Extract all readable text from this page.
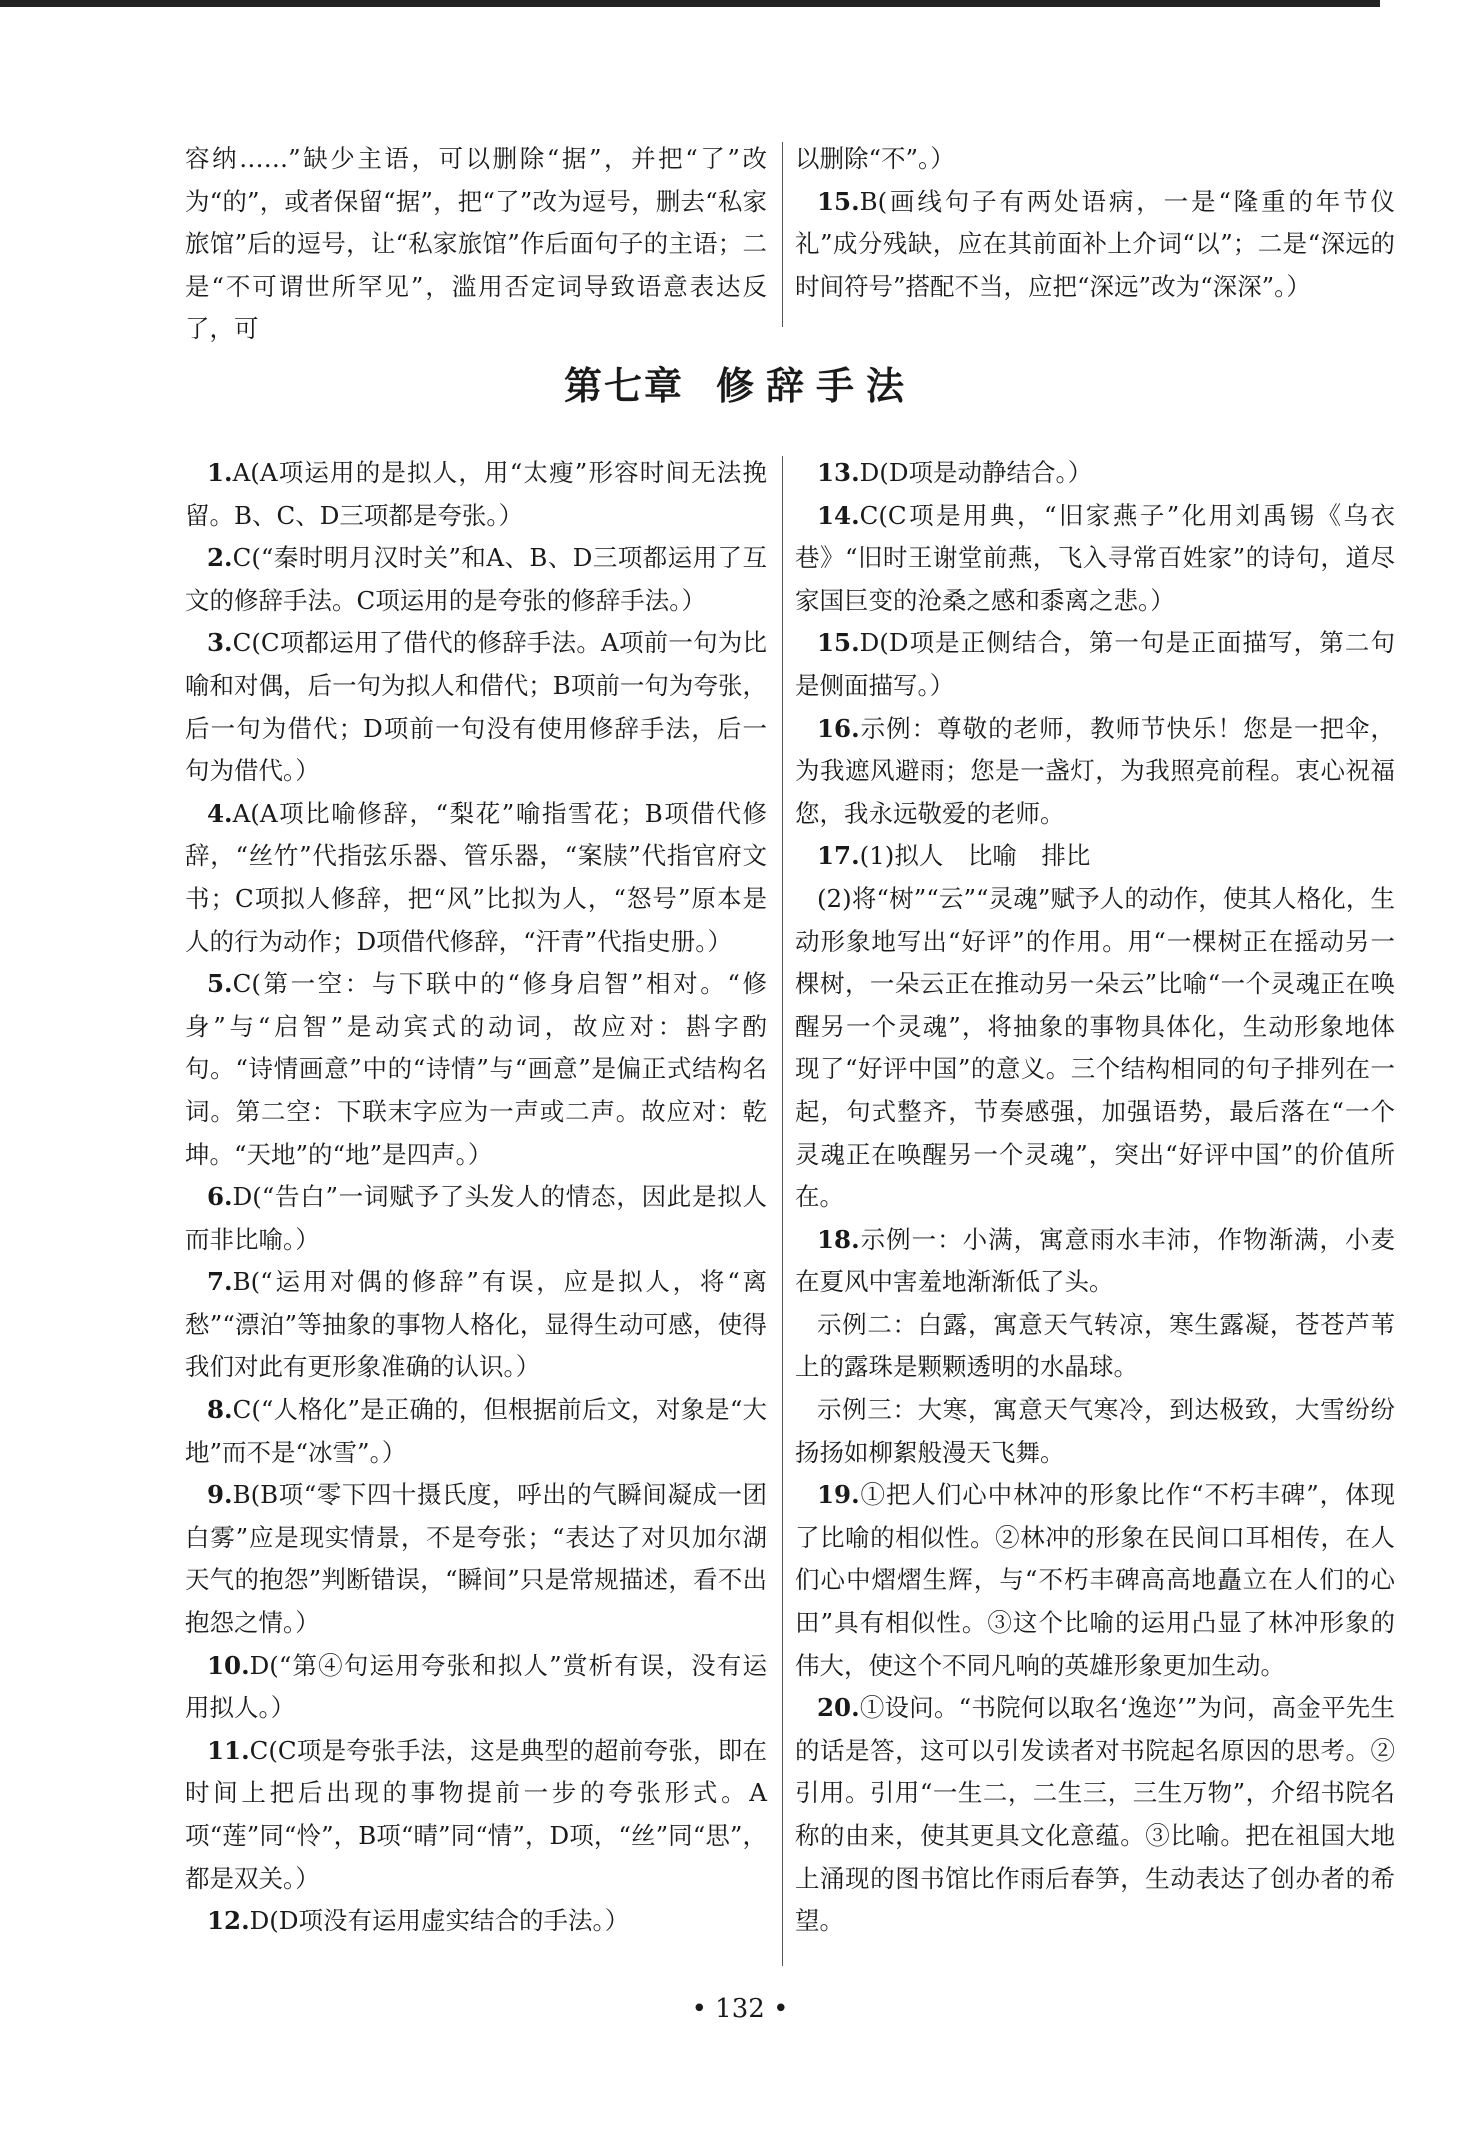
容纳……”缺少主语，可以删除“据”，并把“了”改为“的”，或者保留“据”，把“了”改为逗号，删去“私家旅馆”后的逗号，让“私家旅馆”作后面句子的主语；二是“不可谓世所罕见”，滥用否定词导致语意表达反了，可

以删除“不”。）

15.B(画线句子有两处语病，一是“隆重的年节仪礼”成分残缺，应在其前面补上介词“以”；二是“深远的时间符号”搭配不当，应把“深远”改为“深深”。）

第七章 修辞手法

1.A(A项运用的是拟人，用“太瘦”形容时间无法挽留。B、C、D三项都是夸张。）

2.C(“秦时明月汉时关”和A、B、D三项都运用了互文的修辞手法。C项运用的是夸张的修辞手法。）

3.C(C项都运用了借代的修辞手法。A项前一句为比喻和对偶，后一句为拟人和借代；B项前一句为夸张，后一句为借代；D项前一句没有使用修辞手法，后一句为借代。）

4.A(A项比喻修辞，“梨花”喻指雪花；B项借代修辞，“丝竹”代指弦乐器、管乐器，“案牍”代指官府文书；C项拟人修辞，把“风”比拟为人，“怒号”原本是人的行为动作；D项借代修辞，“汗青”代指史册。）

5.C(第一空：与下联中的“修身启智”相对。“修身”与“启智”是动宾式的动词，故应对：斟字酌句。“诗情画意”中的“诗情”与“画意”是偏正式结构名词。第二空：下联末字应为一声或二声。故应对：乾坤。“天地”的“地”是四声。）

6.D(“告白”一词赋予了头发人的情态，因此是拟人而非比喻。）

7.B(“运用对偶的修辞”有误，应是拟人，将“离愁”“漂泊”等抽象的事物人格化，显得生动可感，使得我们对此有更形象准确的认识。）

8.C(“人格化”是正确的，但根据前后文，对象是“大地”而不是“冰雪”。）

9.B(B项“零下四十摄氏度，呼出的气瞬间凝成一团白雾”应是现实情景，不是夸张；“表达了对贝加尔湖天气的抱怨”判断错误，“瞬间”只是常规描述，看不出抱怨之情。）

10.D(“第④句运用夸张和拟人”赏析有误，没有运用拟人。）

11.C(C项是夸张手法，这是典型的超前夸张，即在时间上把后出现的事物提前一步的夸张形式。A项“莲”同“怜”，B项“晴”同“情”，D项，“丝”同“思”，都是双关。）

12.D(D项没有运用虚实结合的手法。）

13.D(D项是动静结合。）

14.C(C项是用典，“旧家燕子”化用刘禹锡《乌衣巷》“旧时王谢堂前燕，飞入寻常百姓家”的诗句，道尽家国巨变的沧桑之感和黍离之悲。）

15.D(D项是正侧结合，第一句是正面描写，第二句是侧面描写。）

16.示例：尊敬的老师，教师节快乐！您是一把伞，为我遮风避雨；您是一盏灯，为我照亮前程。衷心祝福您，我永远敬爱的老师。

17.(1)拟人　比喻　排比

(2)将“树”“云”“灵魂”赋予人的动作，使其人格化，生动形象地写出“好评”的作用。用“一棵树正在摇动另一棵树，一朵云正在推动另一朵云”比喻“一个灵魂正在唤醒另一个灵魂”，将抽象的事物具体化，生动形象地体现了“好评中国”的意义。三个结构相同的句子排列在一起，句式整齐，节奏感强，加强语势，最后落在“一个灵魂正在唤醒另一个灵魂”，突出“好评中国”的价值所在。

18.示例一：小满，寓意雨水丰沛，作物渐满，小麦在夏风中害羞地渐渐低了头。

示例二：白露，寓意天气转凉，寒生露凝，苍苍芦苇上的露珠是颗颗透明的水晶球。

示例三：大寒，寓意天气寒冷，到达极致，大雪纷纷扬扬如柳絮般漫天飞舞。

19.①把人们心中林冲的形象比作“不朽丰碑”，体现了比喻的相似性。②林冲的形象在民间口耳相传，在人们心中熠熠生辉，与“不朽丰碑高高地矗立在人们的心田”具有相似性。③这个比喻的运用凸显了林冲形象的伟大，使这个不同凡响的英雄形象更加生动。

20.①设问。“书院何以取名‘逸迩’”为问，高金平先生的话是答，这可以引发读者对书院起名原因的思考。②引用。引用“一生二，二生三，三生万物”，介绍书院名称的由来，使其更具文化意蕴。③比喻。把在祖国大地上涌现的图书馆比作雨后春笋，生动表达了创办者的希望。

• 132 •
